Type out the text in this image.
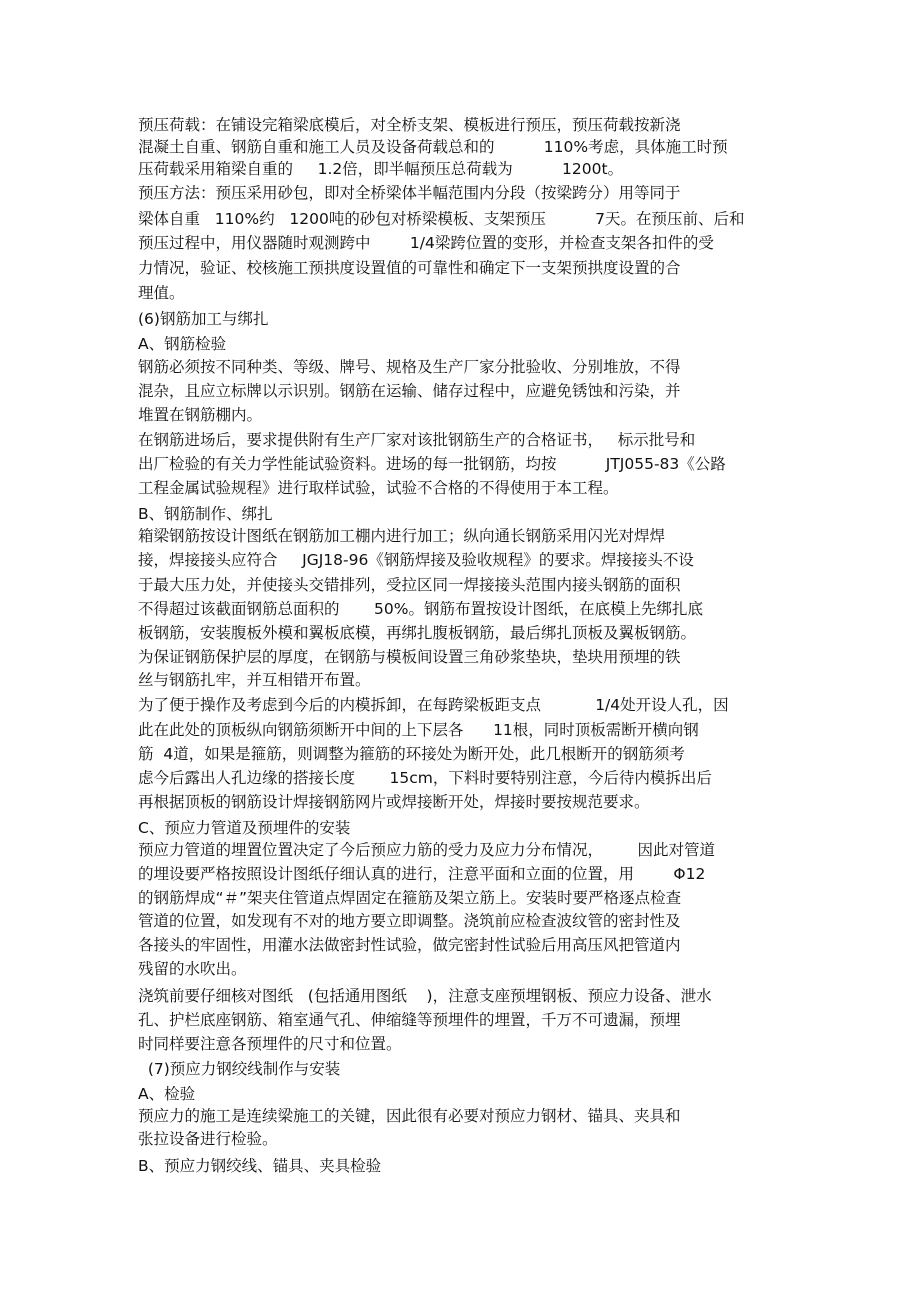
预压荷载：在铺设完箱梁底模后，对全桥支架、模板进行预压，预压荷载按新浇
混凝土自重、钢筋自重和施工人员及设备荷载总和的          110%考虑，具体施工时预
压荷载采用箱梁自重的     1.2倍，即半幅预压总荷载为          1200t。
预压方法：预压采用砂包，即对全桥梁体半幅范围内分段（按梁跨分）用等同于
梁体自重   110%约   1200吨的砂包对桥梁模板、支架预压          7天。在预压前、后和
预压过程中，用仪器随时观测跨中        1/4梁跨位置的变形，并检查支架各扣件的受
力情况，验证、校核施工预拱度设置值的可靠性和确定下一支架预拱度设置的合
理值。
(6)钢筋加工与绑扎
A、钢筋检验
钢筋必须按不同种类、等级、牌号、规格及生产厂家分批验收、分别堆放，不得
混杂，且应立标牌以示识别。钢筋在运输、储存过程中，应避免锈蚀和污染，并
堆置在钢筋棚内。
在钢筋进场后，要求提供附有生产厂家对该批钢筋生产的合格证书，   标示批号和
出厂检验的有关力学性能试验资料。进场的每一批钢筋，均按          JTJ055-83《公路
工程金属试验规程》进行取样试验，试验不合格的不得使用于本工程。
B、钢筋制作、绑扎
箱梁钢筋按设计图纸在钢筋加工棚内进行加工；纵向通长钢筋采用闪光对焊焊
接，焊接接头应符合     JGJ18-96《钢筋焊接及验收规程》的要求。焊接接头不设
于最大压力处，并使接头交错排列，受拉区同一焊接接头范围内接头钢筋的面积
不得超过该截面钢筋总面积的       50%。钢筋布置按设计图纸，在底模上先绑扎底
板钢筋，安装腹板外模和翼板底模，再绑扎腹板钢筋，最后绑扎顶板及翼板钢筋。
为保证钢筋保护层的厚度，在钢筋与模板间设置三角砂浆垫块，垫块用预埋的铁
丝与钢筋扎牢，并互相错开布置。
为了便于操作及考虑到今后的内模拆卸，在每跨梁板距支点           1/4处开设人孔，因
此在此处的顶板纵向钢筋须断开中间的上下层各      11根，同时顶板需断开横向钢
筋  4道，如果是箍筋，则调整为箍筋的环接处为断开处，此几根断开的钢筋须考
虑今后露出人孔边缘的搭接长度       15cm，下料时要特别注意，今后待内模拆出后
再根据顶板的钢筋设计焊接钢筋网片或焊接断开处，焊接时要按规范要求。
C、预应力管道及预埋件的安装
预应力管道的埋置位置决定了今后预应力筋的受力及应力分布情况，       因此对管道
的埋设要严格按照设计图纸仔细认真的进行，注意平面和立面的位置，用        Φ12
的钢筋焊成“＃”架夹住管道点焊固定在箍筋及架立筋上。安装时要严格逐点检查
管道的位置，如发现有不对的地方要立即调整。浇筑前应检查波纹管的密封性及
各接头的牢固性，用灌水法做密封性试验，做完密封性试验后用高压风把管道内
残留的水吹出。
浇筑前要仔细核对图纸   (包括通用图纸    )，注意支座预埋钢板、预应力设备、泄水
孔、护栏底座钢筋、箱室通气孔、伸缩缝等预埋件的埋置，千万不可遗漏，预埋
时同样要注意各预埋件的尺寸和位置。
(7)预应力钢绞线制作与安装
A、检验
预应力的施工是连续梁施工的关键，因此很有必要对预应力钢材、锚具、夹具和
张拉设备进行检验。
B、预应力钢绞线、锚具、夹具检验
